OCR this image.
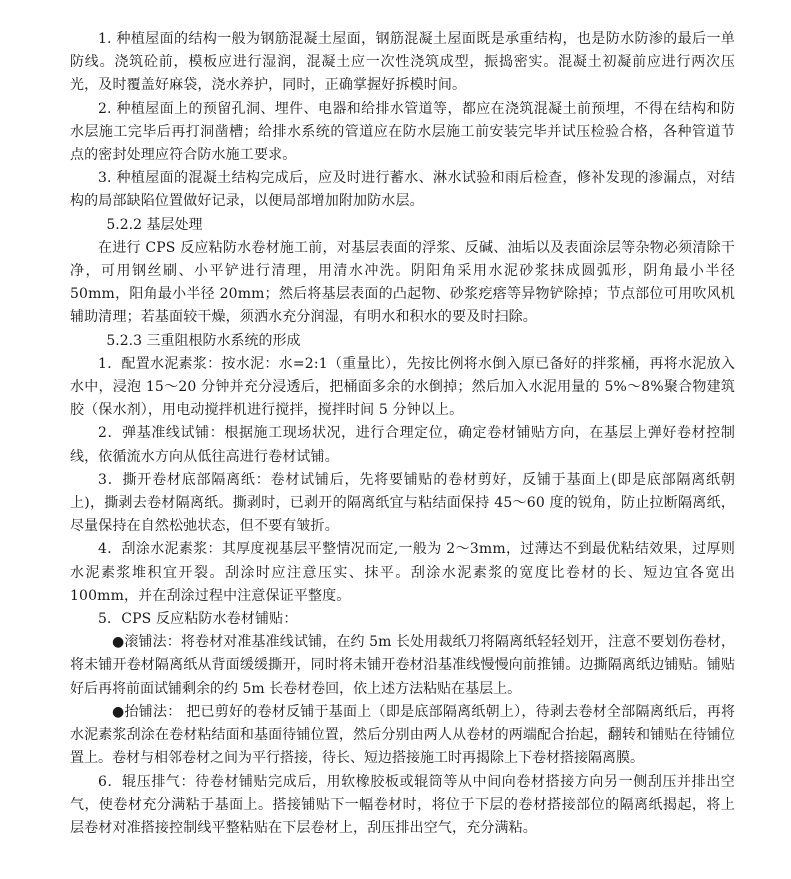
1. 种植屋面的结构一般为钢筋混凝土屋面，钢筋混凝土屋面既是承重结构，也是防水防渗的最后一单防线。浇筑砼前，模板应进行湿润，混凝土应一次性浇筑成型，振捣密实。混凝土初凝前应进行两次压光，及时覆盖好麻袋，浇水养护，同时，正确掌握好拆模时间。

2. 种植屋面上的预留孔洞、埋件、电器和给排水管道等，都应在浇筑混凝土前预埋，不得在结构和防水层施工完毕后再打洞凿槽；给排水系统的管道应在防水层施工前安装完毕并试压检验合格，各种管道节点的密封处理应符合防水施工要求。

3. 种植屋面的混凝土结构完成后，应及时进行蓄水、淋水试验和雨后检查，修补发现的渗漏点，对结构的局部缺陷位置做好记录，以便局部增加附加防水层。

5.2.2 基层处理

在进行 CPS 反应粘防水卷材施工前，对基层表面的浮浆、反碱、油垢以及表面涂层等杂物必须清除干净，可用钢丝刷、小平铲进行清理，用清水冲洗。阴阳角采用水泥砂浆抹成圆弧形，阴角最小半径 50mm，阳角最小半径 20mm；然后将基层表面的凸起物、砂浆疙瘩等异物铲除掉；节点部位可用吹风机辅助清理；若基面较干燥，须洒水充分润湿，有明水和积水的要及时扫除。

5.2.3 三重阻根防水系统的形成

1．配置水泥素浆：按水泥：水=2:1（重量比），先按比例将水倒入原已备好的拌浆桶，再将水泥放入水中，浸泡 15～20 分钟并充分浸透后，把桶面多余的水倒掉；然后加入水泥用量的 5%～8%聚合物建筑胶（保水剂），用电动搅拌机进行搅拌，搅拌时间 5 分钟以上。

2．弹基准线试铺：根据施工现场状况，进行合理定位，确定卷材铺贴方向，在基层上弹好卷材控制线，依循流水方向从低往高进行卷材试铺。

3．撕开卷材底部隔离纸：卷材试铺后，先将要铺贴的卷材剪好，反铺于基面上(即是底部隔离纸朝上)，撕剥去卷材隔离纸。撕剥时，已剥开的隔离纸宜与粘结面保持 45～60 度的锐角，防止拉断隔离纸，尽量保持在自然松弛状态，但不要有皱折。

4．刮涂水泥素浆：其厚度视基层平整情况而定,一般为 2～3mm，过薄达不到最优粘结效果，过厚则水泥素浆堆积宜开裂。刮涂时应注意压实、抹平。刮涂水泥素浆的宽度比卷材的长、短边宜各宽出 100mm，并在刮涂过程中注意保证平整度。

5．CPS 反应粘防水卷材铺贴：

●滚铺法：将卷材对准基准线试铺，在约 5m 长处用裁纸刀将隔离纸轻轻划开，注意不要划伤卷材，将未铺开卷材隔离纸从背面缓缓撕开，同时将未铺开卷材沿基准线慢慢向前推铺。边撕隔离纸边铺贴。铺贴好后再将前面试铺剩余的约 5m 长卷材卷回，依上述方法粘贴在基层上。

●抬铺法： 把已剪好的卷材反铺于基面上（即是底部隔离纸朝上），待剥去卷材全部隔离纸后，再将水泥素浆刮涂在卷材粘结面和基面待铺位置，然后分别由两人从卷材的两端配合抬起，翻转和铺贴在待铺位置上。卷材与相邻卷材之间为平行搭接，待长、短边搭接施工时再揭除上下卷材搭接隔离膜。

6．辊压排气：待卷材铺贴完成后，用软橡胶板或辊筒等从中间向卷材搭接方向另一侧刮压并排出空气，使卷材充分满粘于基面上。搭接铺贴下一幅卷材时，将位于下层的卷材搭接部位的隔离纸揭起，将上层卷材对准搭接控制线平整粘贴在下层卷材上，刮压排出空气，充分满粘。
